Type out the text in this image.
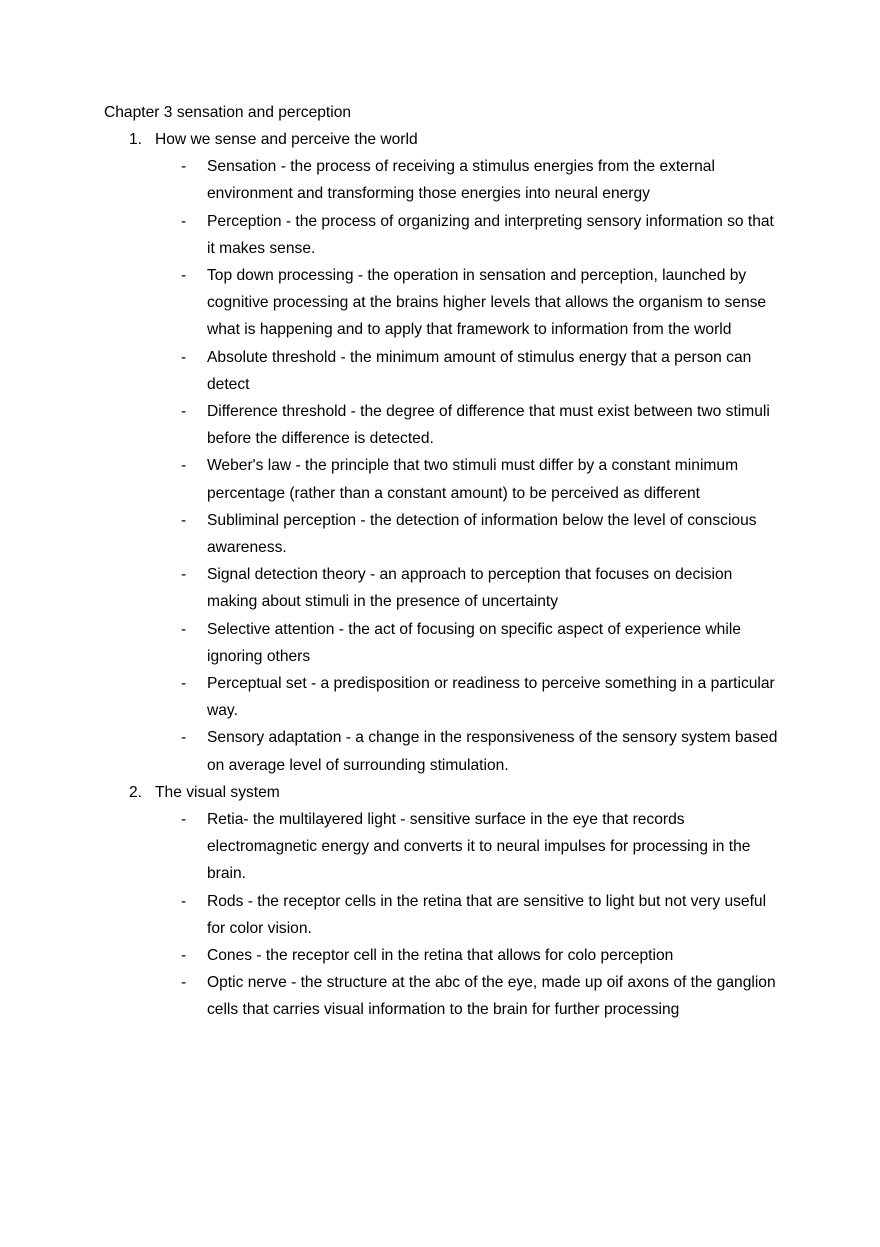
Chapter 3 sensation and perception
1. How we sense and perceive the world
- Sensation - the process of receiving a stimulus energies from the external environment and transforming those energies into neural energy
- Perception - the process of organizing and interpreting sensory information so that it makes sense.
- Top down processing - the operation in sensation and perception, launched by cognitive processing at the brains higher levels that allows the organism to sense what is happening and to apply that framework to information from the world
- Absolute threshold - the minimum amount of stimulus energy that a person can detect
- Difference threshold - the degree of difference that must exist between two stimuli before the difference is detected.
- Weber's law - the principle that two stimuli must differ by a constant minimum percentage (rather than a constant amount) to be perceived as different
- Subliminal perception - the detection of information below the level of conscious awareness.
- Signal detection theory - an approach to perception that focuses on decision making about stimuli in the presence of uncertainty
- Selective attention - the act of focusing on specific aspect of experience while ignoring others
- Perceptual set - a predisposition or readiness to perceive something in a particular way.
- Sensory adaptation - a change in the responsiveness of the sensory system based on average level of surrounding stimulation.
2. The visual system
- Retia- the multilayered light - sensitive surface in the eye that records electromagnetic energy and converts it to neural impulses for processing in the brain.
- Rods - the receptor cells in the retina that are sensitive to light but not very useful for color vision.
- Cones - the receptor cell in the retina that allows for colo perception
- Optic nerve - the structure at the abc of the eye, made up oif axons of the ganglion cells that carries visual information to the brain for further processing
